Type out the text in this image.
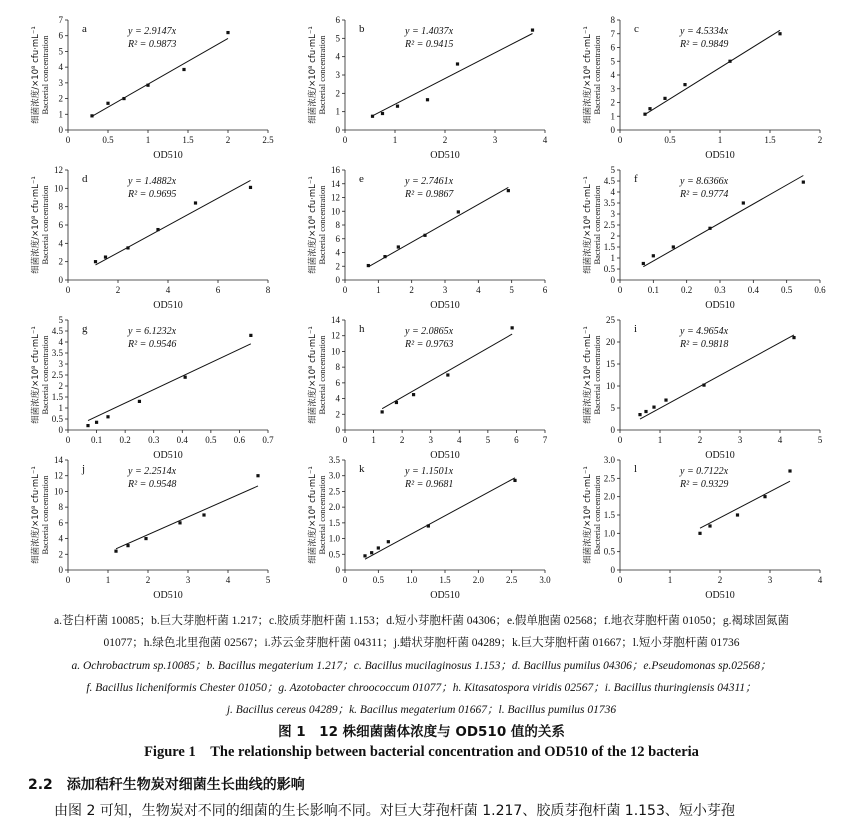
0	0.5	1	1.5	2	2.5
0
1
2
3
4
5
6
7
a	y = 2.9147x
R² = 0.9873
OD510
细菌浓度/×10⁸ cfu·mL⁻¹ Bacterial concentration
0	1	2	3	4
0
1
2
3
4
5
6
b	y = 1.4037x
R² = 0.9415
OD510
细菌浓度/×10⁸ cfu·mL⁻¹ Bacterial concentration
0	0.5	1	1.5	2
0
1
2
3
4
5
6
7
8
c	y = 4.5334x
R² = 0.9849
OD510
细菌浓度/×10⁸ cfu·mL⁻¹ Bacterial concentration
0	2	4	6	8
0
2
4
6
8
10
12
d	y = 1.4882x
R² = 0.9695
OD510
细菌浓度/×10⁸ cfu·mL⁻¹ Bacterial concentration
0	1	2	3	4	5	6
0
2
4
6
8
10
12
14
16
e	y = 2.7461x
R² = 0.9867
OD510
细菌浓度/×10⁸ cfu·mL⁻¹ Bacterial concentration
0	0.1 0.2 0.3 0.4 0.5 0.6
0
0.5
1
1.5
2
2.5
3
3.5
4
4.5
5
f	y = 8.6366x
R² = 0.9774
OD510
细菌浓度/×10⁸ cfu·mL⁻¹ Bacterial concentration
0 0.1 0.2 0.3 0.4 0.5 0.6 0.7
0
0.5
1
1.5
2
2.5
3
3.5
4
4.5
5
g	y = 6.1232x
R² = 0.9546
OD510
细菌浓度/×10⁸ cfu·mL⁻¹ Bacterial concentration
0	1	2	3	4	5	6	7
0
2
4
6
8
10
12
14
h	y = 2.0865x
R² = 0.9763
OD510
细菌浓度/×10⁸ cfu·mL⁻¹ Bacterial concentration
0	1	2	3	4	5
0
5
10
15
20
25
i	y = 4.9654x
R² = 0.9818
OD510
细菌浓度/×10⁸ cfu·mL⁻¹ Bacterial concentration
0	1	2	3	4	5
0
2
4
6
8
10
12
14
j	y = 2.2514x
R² = 0.9548
OD510
细菌浓度/×10⁸ cfu·mL⁻¹ Bacterial concentration
0	0.5 1.0 1.5 2.0 2.5 3.0
0
0.5
1.0
1.5
2.0
2.5
3.0
3.5
k	y = 1.1501x
R² = 0.9681
OD510
细菌浓度/×10⁸ cfu·mL⁻¹ Bacterial concentration
0	1	2	3	4
0
0.5
1.0
1.5
2.0
2.5
3.0
l	y = 0.7122x
R² = 0.9329
OD510
细菌浓度/×10⁸ cfu·mL⁻¹ Bacterial concentration
a.苍白杆菌 10085；b.巨大芽胞杆菌 1.217；c.胶质芽胞杆菌 1.153；d.短小芽胞杆菌 04306；e.假单胞菌 02568；f.地衣芽胞杆菌 01050；g.褐球固氮菌
01077；h.绿色北里孢菌 02567；i.苏云金芽胞杆菌 04311；j.蜡状芽胞杆菌 04289；k.巨大芽胞杆菌 01667；l.短小芽胞杆菌 01736
a. Ochrobactrum sp.10085；b. Bacillus megaterium 1.217；c. Bacillus mucilaginosus 1.153；d. Bacillus pumilus 04306；e.Pseudomonas sp.02568；
f. Bacillus licheniformis Chester 01050；g. Azotobacter chroococcum 01077；h. Kitasatospora viridis 02567；i. Bacillus thuringiensis 04311；
j. Bacillus cereus 04289；k. Bacillus megaterium 01667；l. Bacillus pumilus 01736
图 1　12 株细菌菌体浓度与 OD510 值的关系
Figure 1　The relationship between bacterial concentration and OD510 of the 12 bacteria
2.2　添加秸秆生物炭对细菌生长曲线的影响
由图 2 可知，生物炭对不同的细菌的生长影响不同。对巨大芽孢杆菌 1.217、胶质芽孢杆菌 1.153、短小芽孢
